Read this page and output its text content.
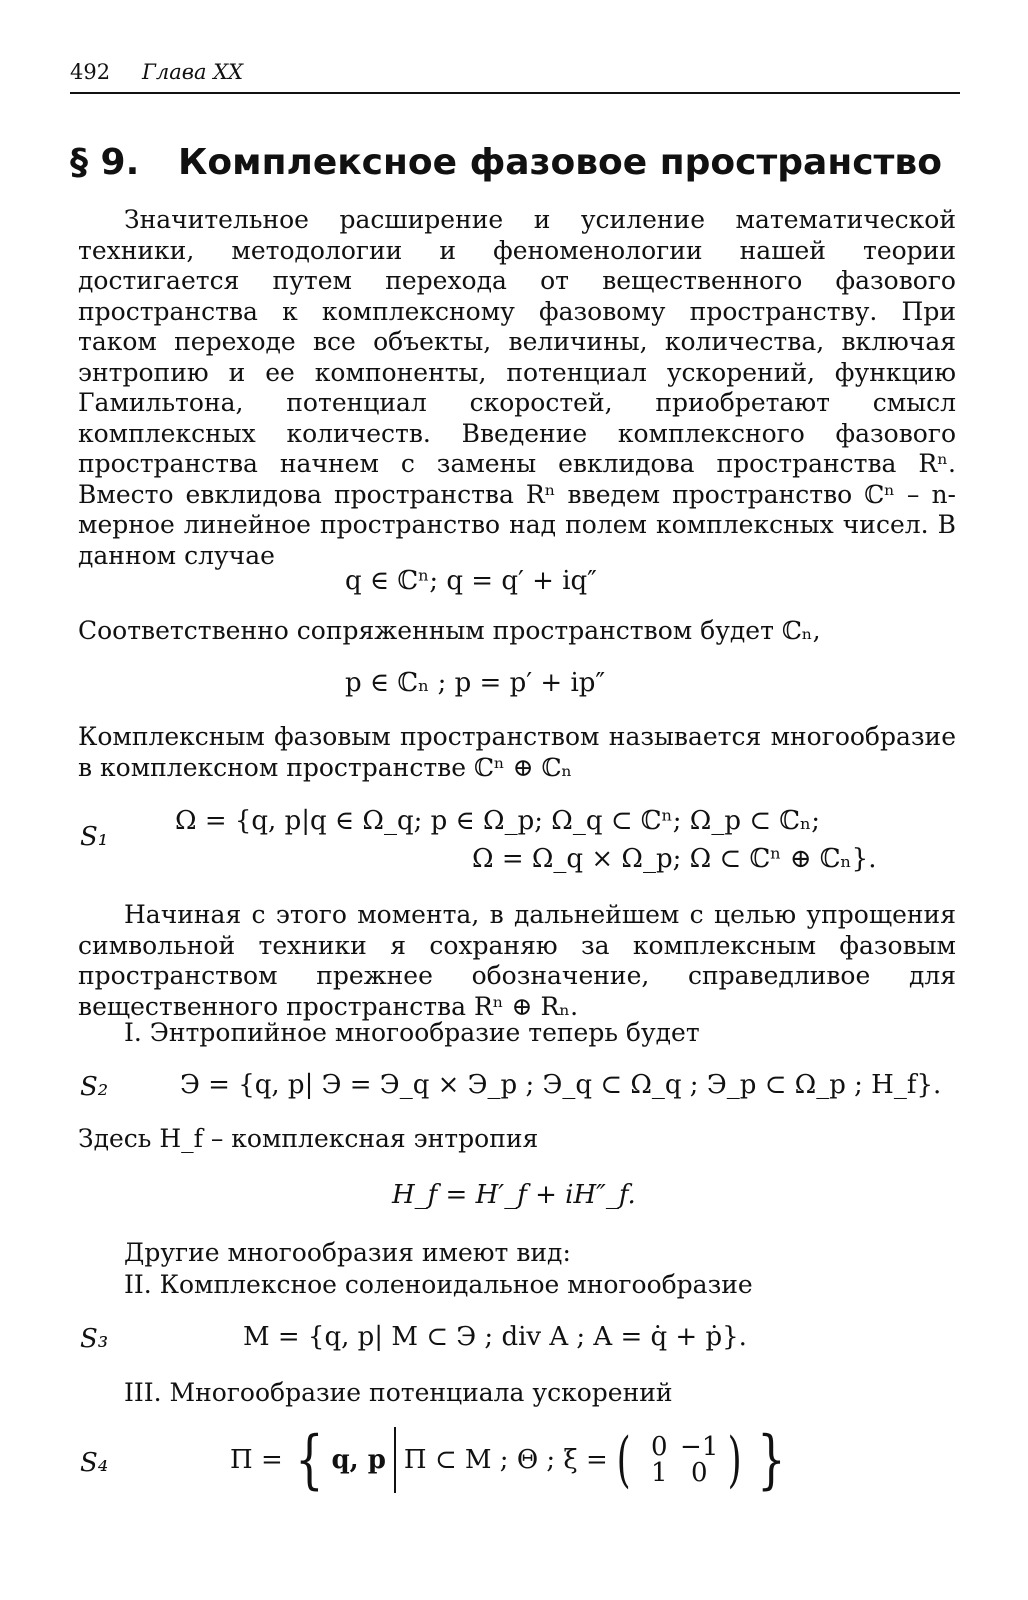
492 Глава XX
§ 9. Комплексное фазовое пространство

Значительное расширение и усиление математической техники, методологии и феноменологии нашей теории достигается путем перехода от вещественного фазового пространства к комплексному фазовому пространству. При таком переходе все объекты, величины, количества, включая энтропию и ее компоненты, потенциал ускорений, функцию Гамильтона, потенциал скоростей, приобретают смысл комплексных количеств. Введение комплексного фазового пространства начнем с замены евклидова пространства Rⁿ. Вместо евклидова пространства Rⁿ введем пространство ℂⁿ – n-мерное линейное пространство над полем комплексных чисел. В данном случае

q ∈ ℂⁿ; q = q′ + iq″
Соответственно сопряженным пространством будет ℂₙ,
p ∈ ℂₙ ; p = p′ + ip″

Комплексным фазовым пространством называется многообразие в комплексном пространстве ℂⁿ ⊕ ℂₙ

S₁
Ω = {q, p|q ∈ Ω_q; p ∈ Ω_p; Ω_q ⊂ ℂⁿ; Ω_p ⊂ ℂₙ;
Ω = Ω_q × Ω_p; Ω ⊂ ℂⁿ ⊕ ℂₙ}.

Начиная с этого момента, в дальнейшем с целью упрощения символьной техники я сохраняю за комплексным фазовым пространством прежнее обозначение, справедливое для вещественного пространства Rⁿ ⊕ Rₙ.

I. Энтропийное многообразие теперь будет
S₂	Э = {q, p| Э = Э_q × Э_p ; Э_q ⊂ Ω_q ; Э_p ⊂ Ω_p ; H_f}.
Здесь H_f – комплексная энтропия
H_f = H′_f + iH″_f.
Другие многообразия имеют вид:
II. Комплексное соленоидальное многообразие
S₃	M = {q, p| M ⊂ Э ; div A ; A = q̇ + ṗ}.
III. Многообразие потенциала ускорений
S₄	Π = { q, p Π ⊂ M ; Θ ; ξ = ( 0 −1
1 0 ) }
